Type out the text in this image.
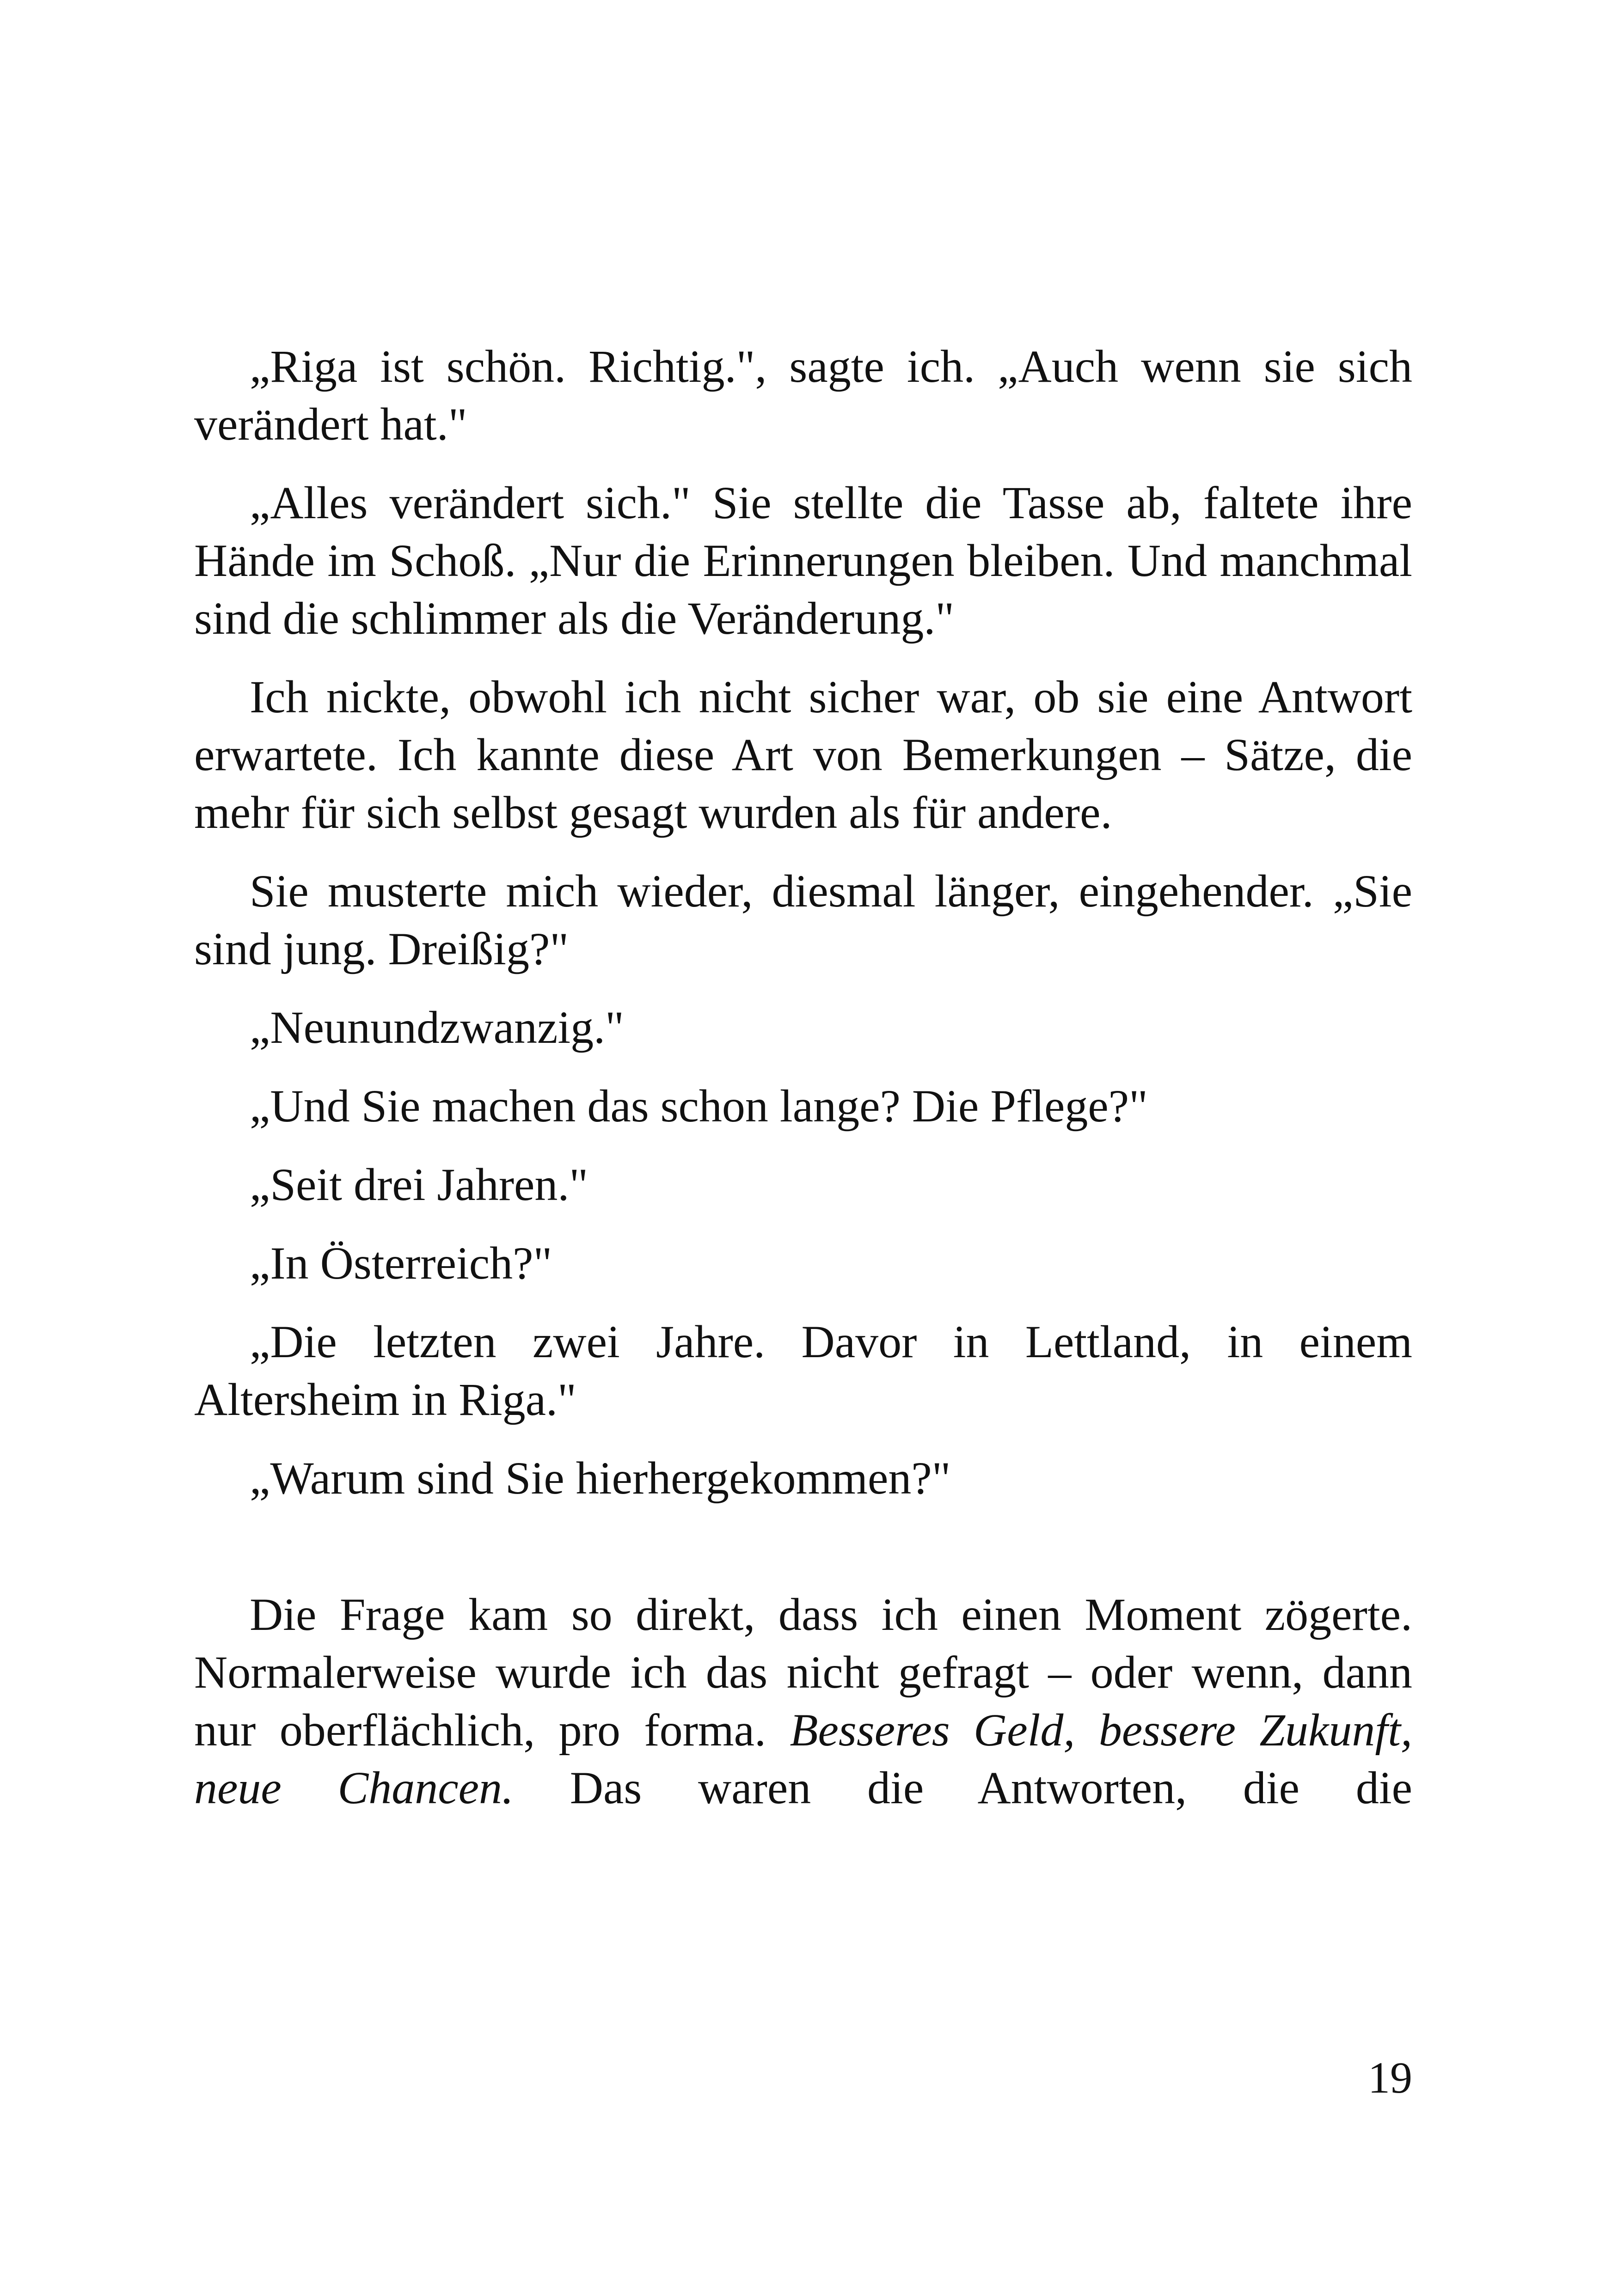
„Riga ist schön. Richtig.", sagte ich. „Auch wenn sie sich verändert hat."

„Alles verändert sich." Sie stellte die Tasse ab, faltete ihre Hände im Schoß. „Nur die Erinnerungen bleiben. Und manchmal sind die schlimmer als die Veränderung."

Ich nickte, obwohl ich nicht sicher war, ob sie eine Antwort erwartete. Ich kannte diese Art von Bemerkungen – Sätze, die mehr für sich selbst gesagt wurden als für andere.

Sie musterte mich wieder, diesmal länger, eingehender. „Sie sind jung. Dreißig?"

„Neunundzwanzig."

„Und Sie machen das schon lange? Die Pflege?"

„Seit drei Jahren."

„In Österreich?"

„Die letzten zwei Jahre. Davor in Lettland, in einem Altersheim in Riga."

„Warum sind Sie hierhergekommen?"

Die Frage kam so direkt, dass ich einen Moment zögerte. Normalerweise wurde ich das nicht gefragt – oder wenn, dann nur oberflächlich, pro forma. Besseres Geld, bessere Zukunft, neue Chancen. Das waren die Antworten, die die

19
